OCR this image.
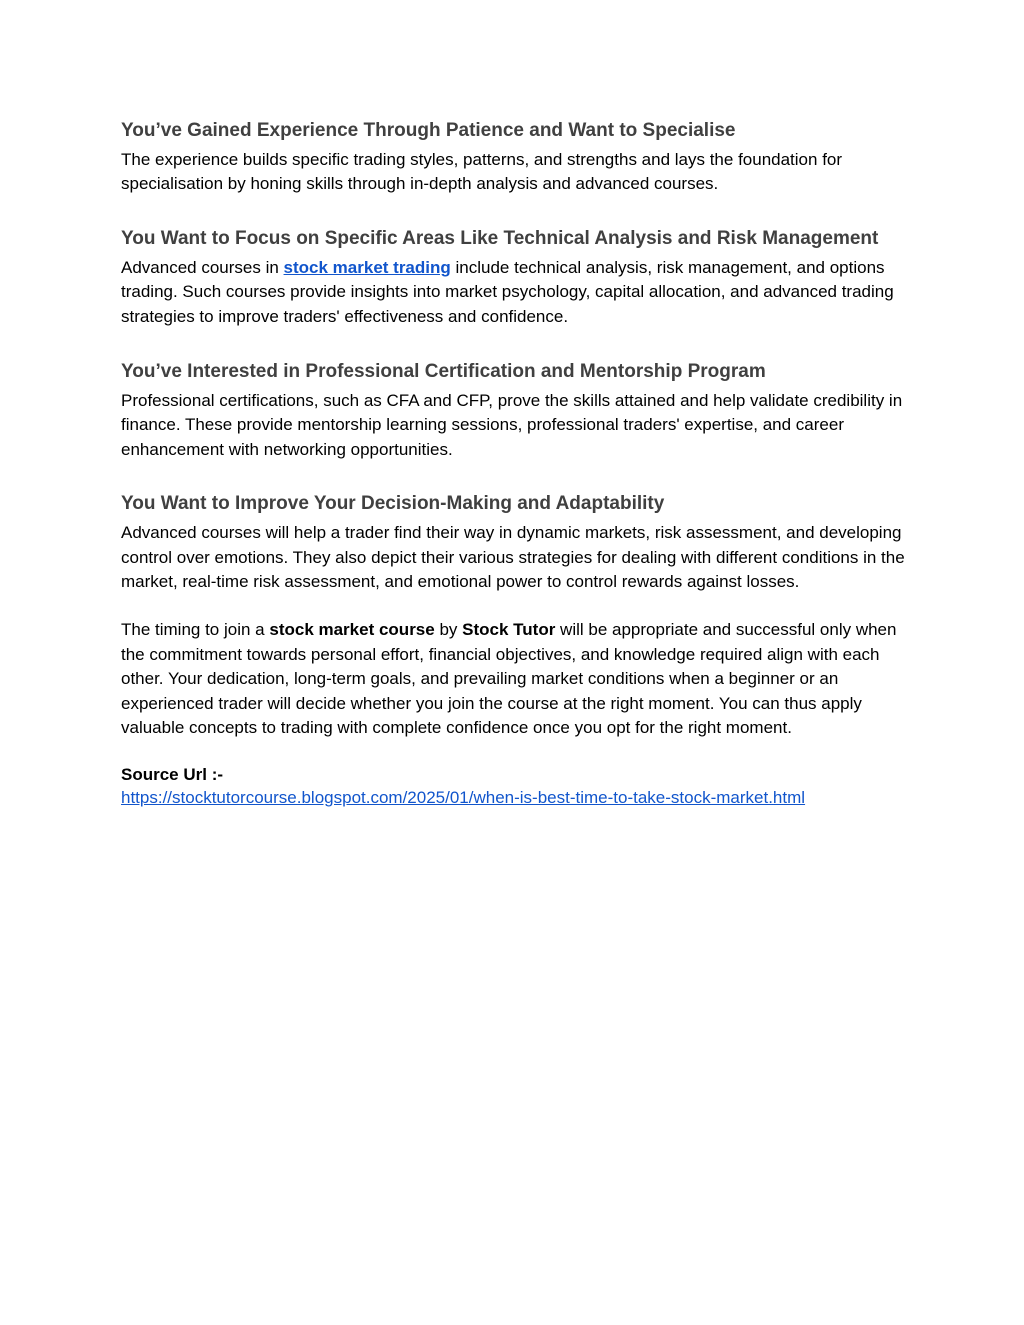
You’ve Gained Experience Through Patience and Want to Specialise

The experience builds specific trading styles, patterns, and strengths and lays the foundation for specialisation by honing skills through in-depth analysis and advanced courses.

You Want to Focus on Specific Areas Like Technical Analysis and Risk Management

Advanced courses in stock market trading include technical analysis, risk management, and options trading. Such courses provide insights into market psychology, capital allocation, and advanced trading strategies to improve traders' effectiveness and confidence.

You’ve Interested in Professional Certification and Mentorship Program

Professional certifications, such as CFA and CFP, prove the skills attained and help validate credibility in finance. These provide mentorship learning sessions, professional traders' expertise, and career enhancement with networking opportunities.

You Want to Improve Your Decision-Making and Adaptability

Advanced courses will help a trader find their way in dynamic markets, risk assessment, and developing control over emotions. They also depict their various strategies for dealing with different conditions in the market, real-time risk assessment, and emotional power to control rewards against losses.

The timing to join a stock market course by Stock Tutor will be appropriate and successful only when the commitment towards personal effort, financial objectives, and knowledge required align with each other. Your dedication, long-term goals, and prevailing market conditions when a beginner or an experienced trader will decide whether you join the course at the right moment. You can thus apply valuable concepts to trading with complete confidence once you opt for the right moment.

Source Url :-

https://stocktutorcourse.blogspot.com/2025/01/when-is-best-time-to-take-stock-market.html
